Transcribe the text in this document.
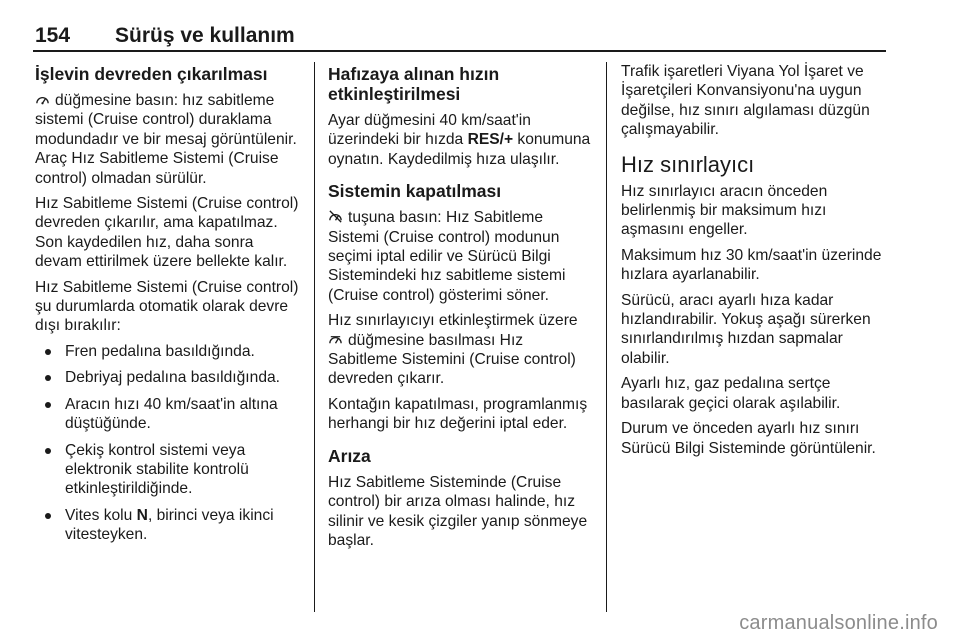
154 Sürüş ve kullanım
İşlevin devreden çıkarılması

düğmesine basın: hız sabitleme sistemi (Cruise control) duraklama modundadır ve bir mesaj görüntülenir. Araç Hız Sabitleme Sistemi (Cruise control) olmadan sürülür.

Hız Sabitleme Sistemi (Cruise control) devreden çıkarılır, ama kapatılmaz. Son kaydedilen hız, daha sonra devam ettirilmek üzere bellekte kalır.

Hız Sabitleme Sistemi (Cruise control) şu durumlarda otomatik olarak devre dışı bırakılır:

Fren pedalına basıldığında.
Debriyaj pedalına basıldığında.
Aracın hızı 40 km/saat'in altına düştüğünde.
Çekiş kontrol sistemi veya elektronik stabilite kontrolü etkinleştirildiğinde.
Vites kolu N, birinci veya ikinci vitesteyken.
Hafızaya alınan hızın etkinleştirilmesi

Ayar düğmesini 40 km/saat'in üzerindeki bir hızda RES/+ konumuna oynatın. Kaydedilmiş hıza ulaşılır.

Sistemin kapatılması

tuşuna basın: Hız Sabitleme Sistemi (Cruise control) modunun seçimi iptal edilir ve Sürücü Bilgi Sistemindeki hız sabitleme sistemi (Cruise control) gösterimi söner.

Hız sınırlayıcıyı etkinleştirmek üzere

düğmesine basılması Hız Sabitleme Sistemini (Cruise control) devreden çıkarır.

Kontağın kapatılması, programlanmış herhangi bir hız değerini iptal eder.

Arıza

Hız Sabitleme Sisteminde (Cruise control) bir arıza olması halinde, hız silinir ve kesik çizgiler yanıp sönmeye başlar.

Trafik işaretleri Viyana Yol İşaret ve İşaretçileri Konvansiyonu'na uygun değilse, hız sınırı algılaması düzgün çalışmayabilir.

Hız sınırlayıcı

Hız sınırlayıcı aracın önceden belirlenmiş bir maksimum hızı aşmasını engeller.

Maksimum hız 30 km/saat'in üzerinde hızlara ayarlanabilir.

Sürücü, aracı ayarlı hıza kadar hızlandırabilir. Yokuş aşağı sürerken sınırlandırılmış hızdan sapmalar olabilir.

Ayarlı hız, gaz pedalına sertçe basılarak geçici olarak aşılabilir.

Durum ve önceden ayarlı hız sınırı Sürücü Bilgi Sisteminde görüntülenir.

carmanualsonline.info
